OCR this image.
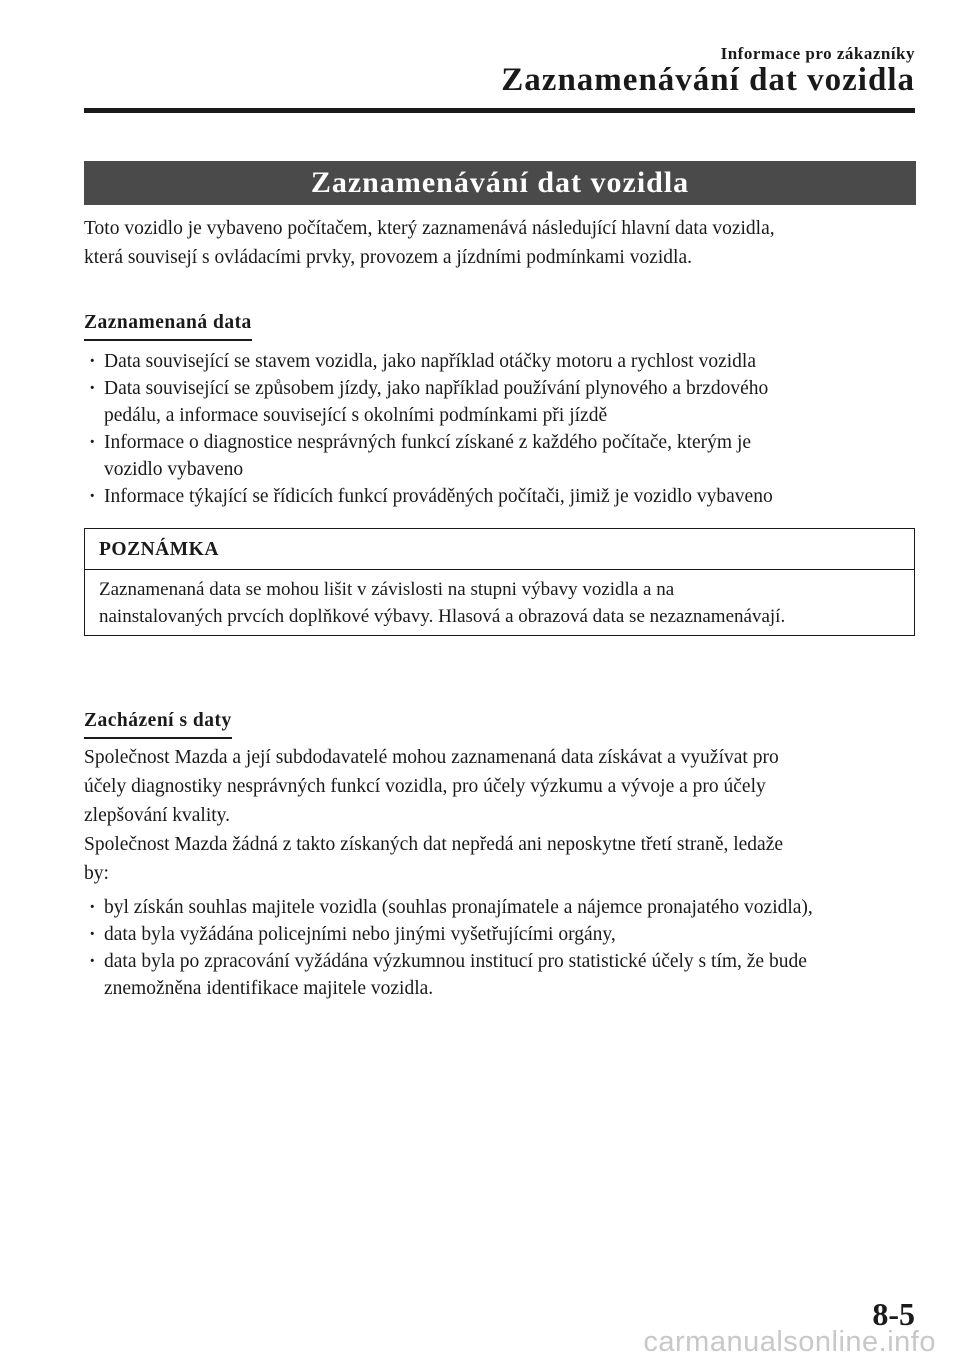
Informace pro zákazníky
Zaznamenávání dat vozidla
Zaznamenávání dat vozidla

Toto vozidlo je vybaveno počítačem, který zaznamenává následující hlavní data vozidla,
která souvisejí s ovládacími prvky, provozem a jízdními podmínkami vozidla.

Zaznamenaná data
· Data související se stavem vozidla, jako například otáčky motoru a rychlost vozidla
· Data související se způsobem jízdy, jako například používání plynového a brzdového
pedálu, a informace související s okolními podmínkami při jízdě
· Informace o diagnostice nesprávných funkcí získané z každého počítače, kterým je
vozidlo vybaveno
· Informace týkající se řídicích funkcí prováděných počítači, jimiž je vozidlo vybaveno
POZNÁMKA

Zaznamenaná data se mohou lišit v závislosti na stupni výbavy vozidla a na
nainstalovaných prvcích doplňkové výbavy. Hlasová a obrazová data se nezaznamenávají.

Zacházení s daty

Společnost Mazda a její subdodavatelé mohou zaznamenaná data získávat a využívat pro
účely diagnostiky nesprávných funkcí vozidla, pro účely výzkumu a vývoje a pro účely
zlepšování kvality.
Společnost Mazda žádná z takto získaných dat nepředá ani neposkytne třetí straně, ledaže
by:

· byl získán souhlas majitele vozidla (souhlas pronajímatele a nájemce pronajatého vozidla),
· data byla vyžádána policejními nebo jinými vyšetřujícími orgány,
· data byla po zpracování vyžádána výzkumnou institucí pro statistické účely s tím, že bude
znemožněna identifikace majitele vozidla.
8-5
carmanualsonline.info
